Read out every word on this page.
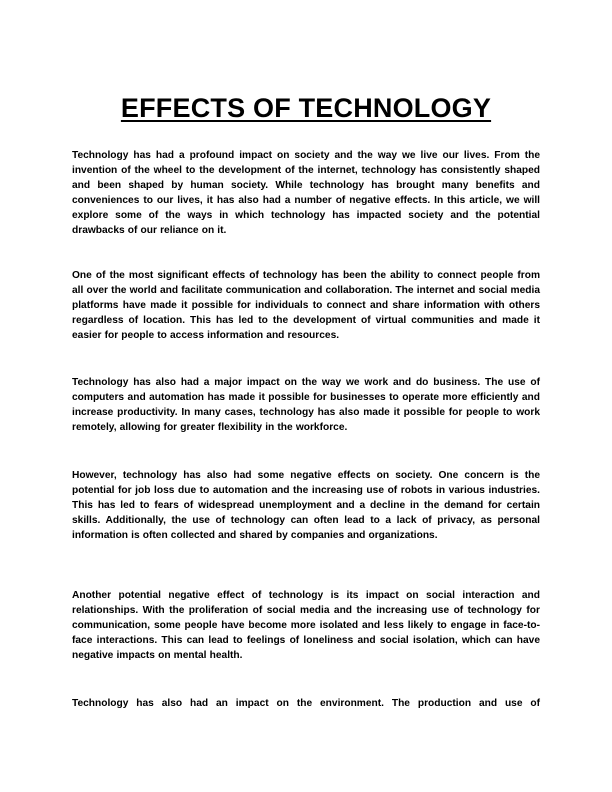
EFFECTS OF TECHNOLOGY

Technology has had a profound impact on society and the way we live our lives. From the invention of the wheel to the development of the internet, technology has consistently shaped and been shaped by human society. While technology has brought many benefits and conveniences to our lives, it has also had a number of negative effects. In this article, we will explore some of the ways in which technology has impacted society and the potential drawbacks of our reliance on it.

One of the most significant effects of technology has been the ability to connect people from all over the world and facilitate communication and collaboration. The internet and social media platforms have made it possible for individuals to connect and share information with others regardless of location. This has led to the development of virtual communities and made it easier for people to access information and resources.

Technology has also had a major impact on the way we work and do business. The use of computers and automation has made it possible for businesses to operate more efficiently and increase productivity. In many cases, technology has also made it possible for people to work remotely, allowing for greater flexibility in the workforce.

However, technology has also had some negative effects on society. One concern is the potential for job loss due to automation and the increasing use of robots in various industries. This has led to fears of widespread unemployment and a decline in the demand for certain skills. Additionally, the use of technology can often lead to a lack of privacy, as personal information is often collected and shared by companies and organizations.

Another potential negative effect of technology is its impact on social interaction and relationships. With the proliferation of social media and the increasing use of technology for communication, some people have become more isolated and less likely to engage in face-to-face interactions. This can lead to feelings of loneliness and social isolation, which can have negative impacts on mental health.

Technology has also had an impact on the environment. The production and use of
